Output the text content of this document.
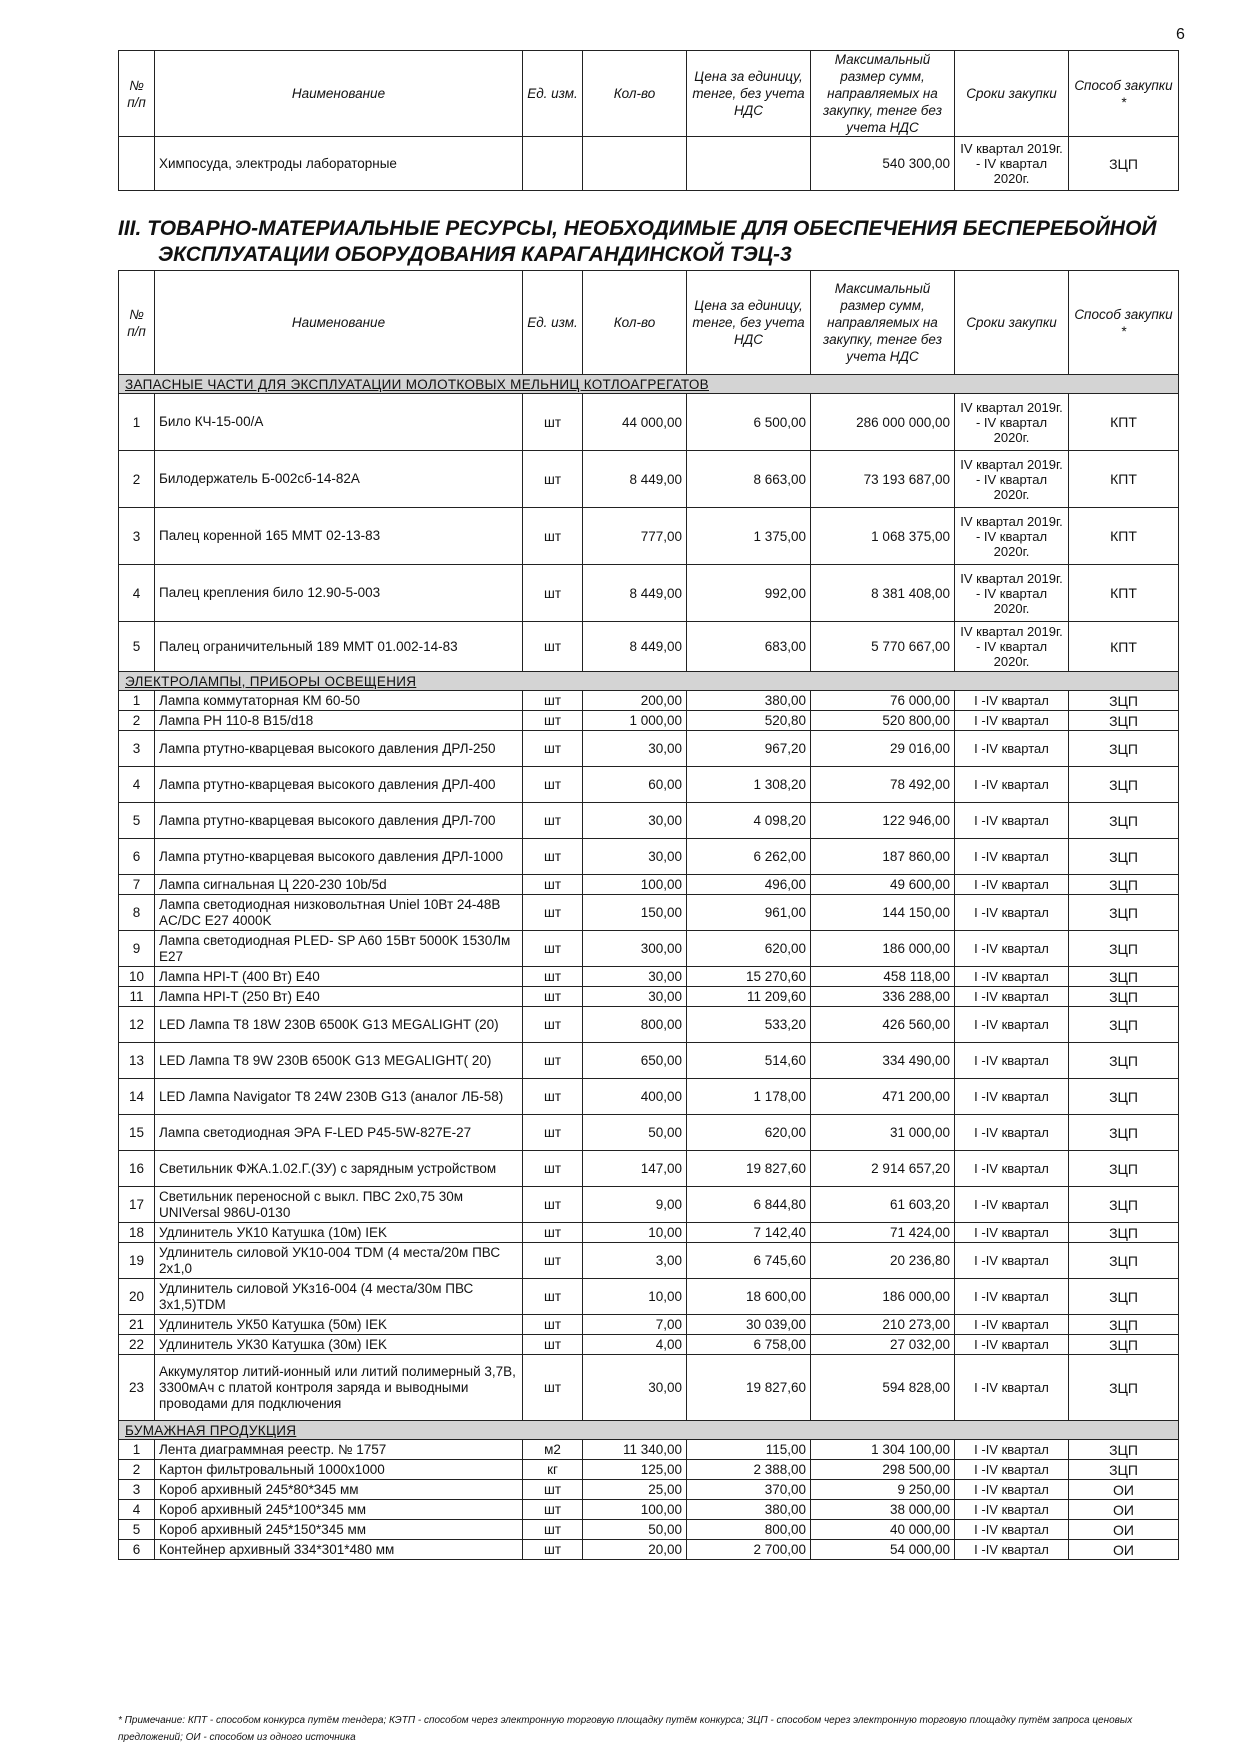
6
№ п/п	Наименование	Ед. изм.	Кол-во	Цена за единицу, тенге, без учета НДС	Максимальный размер сумм, направляемых на закупку, тенге без учета НДС	Сроки закупки	Способ закупки *
	Химпосуда, электроды лабораторные				540 300,00	IV квартал 2019г. - IV квартал 2020г.	ЗЦП
III. ТОВАРНО-МАТЕРИАЛЬНЫЕ РЕСУРСЫ, НЕОБХОДИМЫЕ ДЛЯ ОБЕСПЕЧЕНИЯ БЕСПЕРЕБОЙНОЙ
ЭКСПЛУАТАЦИИ ОБОРУДОВАНИЯ КАРАГАНДИНСКОЙ ТЭЦ-3
№ п/п	Наименование	Ед. изм.	Кол-во	Цена за единицу, тенге, без учета НДС	Максимальный размер сумм, направляемых на закупку, тенге без учета НДС	Сроки закупки	Способ закупки *
ЗАПАСНЫЕ ЧАСТИ ДЛЯ ЭКСПЛУАТАЦИИ МОЛОТКОВЫХ МЕЛЬНИЦ КОТЛОАГРЕГАТОВ							
1	Било КЧ-15-00/А	шт	44 000,00	6 500,00	286 000 000,00	IV квартал 2019г. - IV квартал 2020г.	КПТ
2	Билодержатель Б-002сб-14-82А	шт	8 449,00	8 663,00	73 193 687,00	IV квартал 2019г. - IV квартал 2020г.	КПТ
3	Палец коренной 165 ММТ 02-13-83	шт	777,00	1 375,00	1 068 375,00	IV квартал 2019г. - IV квартал 2020г.	КПТ
4	Палец крепления било 12.90-5-003	шт	8 449,00	992,00	8 381 408,00	IV квартал 2019г. - IV квартал 2020г.	КПТ
5	Палец ограничительный 189 ММТ 01.002-14-83	шт	8 449,00	683,00	5 770 667,00	IV квартал 2019г. - IV квартал 2020г.	КПТ
ЭЛЕКТРОЛАМПЫ, ПРИБОРЫ ОСВЕЩЕНИЯ							
1	Лампа коммутаторная КМ 60-50	шт	200,00	380,00	76 000,00	I -IV квартал	ЗЦП
2	Лампа РН 110-8 В15/d18	шт	1 000,00	520,80	520 800,00	I -IV квартал	ЗЦП
3	Лампа ртутно-кварцевая высокого давления ДРЛ-250	шт	30,00	967,20	29 016,00	I -IV квартал	ЗЦП
4	Лампа ртутно-кварцевая высокого давления ДРЛ-400	шт	60,00	1 308,20	78 492,00	I -IV квартал	ЗЦП
5	Лампа ртутно-кварцевая высокого давления ДРЛ-700	шт	30,00	4 098,20	122 946,00	I -IV квартал	ЗЦП
6	Лампа ртутно-кварцевая высокого давления ДРЛ-1000	шт	30,00	6 262,00	187 860,00	I -IV квартал	ЗЦП
7	Лампа сигнальная Ц 220-230 10b/5d	шт	100,00	496,00	49 600,00	I -IV квартал	ЗЦП
8	Лампа светодиодная низковольтная Uniel 10Вт 24-48В AC/DC E27 4000K	шт	150,00	961,00	144 150,00	I -IV квартал	ЗЦП
9	Лампа светодиодная PLED- SP A60 15Вт 5000K 1530Лм E27	шт	300,00	620,00	186 000,00	I -IV квартал	ЗЦП
10	Лампа HPI-T (400 Вт) E40	шт	30,00	15 270,60	458 118,00	I -IV квартал	ЗЦП
11	Лампа HPI-T (250 Вт) E40	шт	30,00	11 209,60	336 288,00	I -IV квартал	ЗЦП
12	LED Лампа Т8 18W 230В 6500K G13 MEGALIGHT (20)	шт	800,00	533,20	426 560,00	I -IV квартал	ЗЦП
13	LED Лампа Т8 9W 230В 6500K G13 MEGALIGHT( 20)	шт	650,00	514,60	334 490,00	I -IV квартал	ЗЦП
14	LED Лампа Navigator Т8 24W 230В G13 (аналог ЛБ-58)	шт	400,00	1 178,00	471 200,00	I -IV квартал	ЗЦП
15	Лампа светодиодная ЭРА F-LED P45-5W-827E-27	шт	50,00	620,00	31 000,00	I -IV квартал	ЗЦП
16	Светильник ФЖА.1.02.Г.(ЗУ) с зарядным устройством	шт	147,00	19 827,60	2 914 657,20	I -IV квартал	ЗЦП
17	Светильник переносной с выкл. ПВС 2х0,75 30м UNIVersal 986U-0130	шт	9,00	6 844,80	61 603,20	I -IV квартал	ЗЦП
18	Удлинитель УК10 Катушка (10м) IEK	шт	10,00	7 142,40	71 424,00	I -IV квартал	ЗЦП
19	Удлинитель силовой УК10-004 TDM (4 места/20м ПВС 2х1,0	шт	3,00	6 745,60	20 236,80	I -IV квартал	ЗЦП
20	Удлинитель силовой УКз16-004 (4 места/30м ПВС 3х1,5)TDM	шт	10,00	18 600,00	186 000,00	I -IV квартал	ЗЦП
21	Удлинитель УК50 Катушка (50м) IEK	шт	7,00	30 039,00	210 273,00	I -IV квартал	ЗЦП
22	Удлинитель УК30 Катушка (30м) IEK	шт	4,00	6 758,00	27 032,00	I -IV квартал	ЗЦП
23	Аккумулятор литий-ионный или литий полимерный 3,7В, 3300мАч с платой контроля заряда и выводными проводами для подключения	шт	30,00	19 827,60	594 828,00	I -IV квартал	ЗЦП
БУМАЖНАЯ ПРОДУКЦИЯ							
1	Лента диаграммная реестр. № 1757	м2	11 340,00	115,00	1 304 100,00	I -IV квартал	ЗЦП
2	Картон фильтровальный 1000х1000	кг	125,00	2 388,00	298 500,00	I -IV квартал	ЗЦП
3	Короб архивный 245*80*345 мм	шт	25,00	370,00	9 250,00	I -IV квартал	ОИ
4	Короб архивный 245*100*345 мм	шт	100,00	380,00	38 000,00	I -IV квартал	ОИ
5	Короб архивный 245*150*345 мм	шт	50,00	800,00	40 000,00	I -IV квартал	ОИ
6	Контейнер архивный 334*301*480 мм	шт	20,00	2 700,00	54 000,00	I -IV квартал	ОИ
* Примечание: КПТ - способом конкурса путём тендера; КЭТП - способом через электронную торговую площадку путём конкурса; ЗЦП - способом через электронную торговую площадку путём запроса ценовых предложений; ОИ - способом из одного источника
